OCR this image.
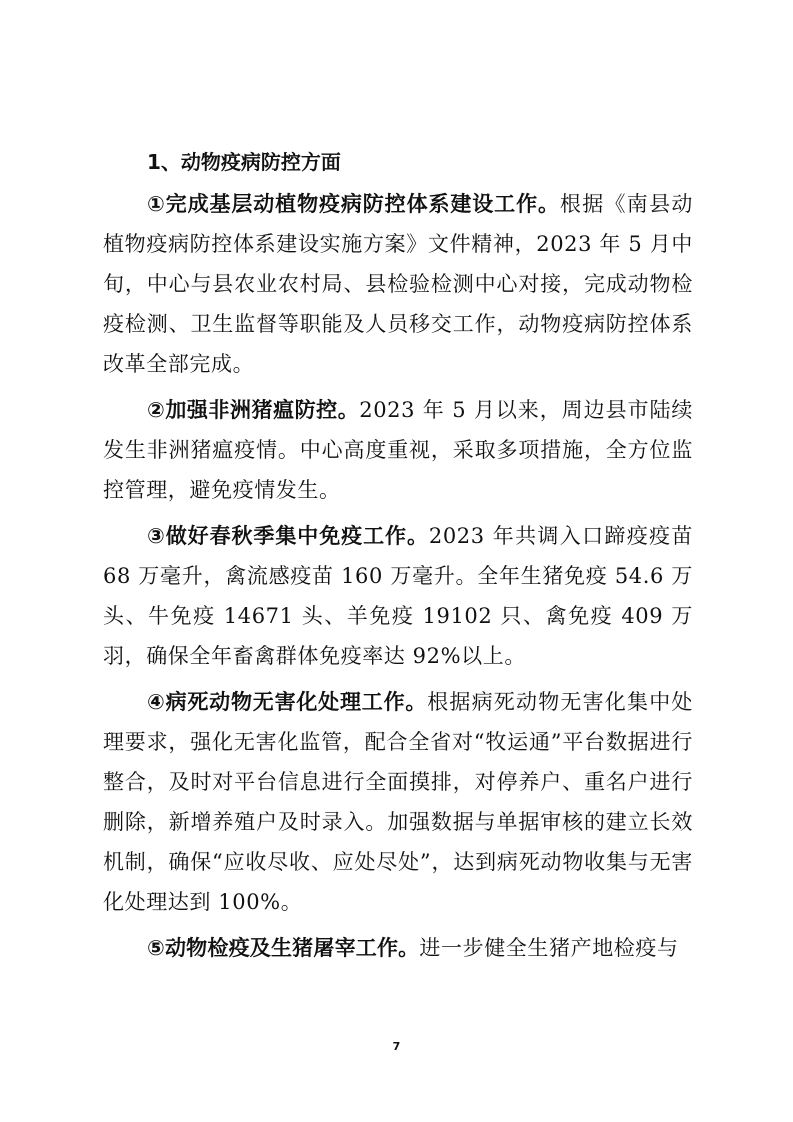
1、动物疫病防控方面

①完成基层动植物疫病防控体系建设工作。根据《南县动植物疫病防控体系建设实施方案》文件精神，2023 年 5 月中旬，中心与县农业农村局、县检验检测中心对接，完成动物检疫检测、卫生监督等职能及人员移交工作，动物疫病防控体系改革全部完成。

②加强非洲猪瘟防控。2023 年 5 月以来，周边县市陆续发生非洲猪瘟疫情。中心高度重视，采取多项措施，全方位监控管理，避免疫情发生。

③做好春秋季集中免疫工作。2023 年共调入口蹄疫疫苗 68 万毫升，禽流感疫苗 160 万毫升。全年生猪免疫 54.6 万头、牛免疫 14671 头、羊免疫 19102 只、禽免疫 409 万羽，确保全年畜禽群体免疫率达 92%以上。

④病死动物无害化处理工作。根据病死动物无害化集中处理要求，强化无害化监管，配合全省对“牧运通”平台数据进行整合，及时对平台信息进行全面摸排，对停养户、重名户进行删除，新增养殖户及时录入。加强数据与单据审核的建立长效机制，确保“应收尽收、应处尽处”，达到病死动物收集与无害化处理达到 100%。

⑤动物检疫及生猪屠宰工作。进一步健全生猪产地检疫与

7
